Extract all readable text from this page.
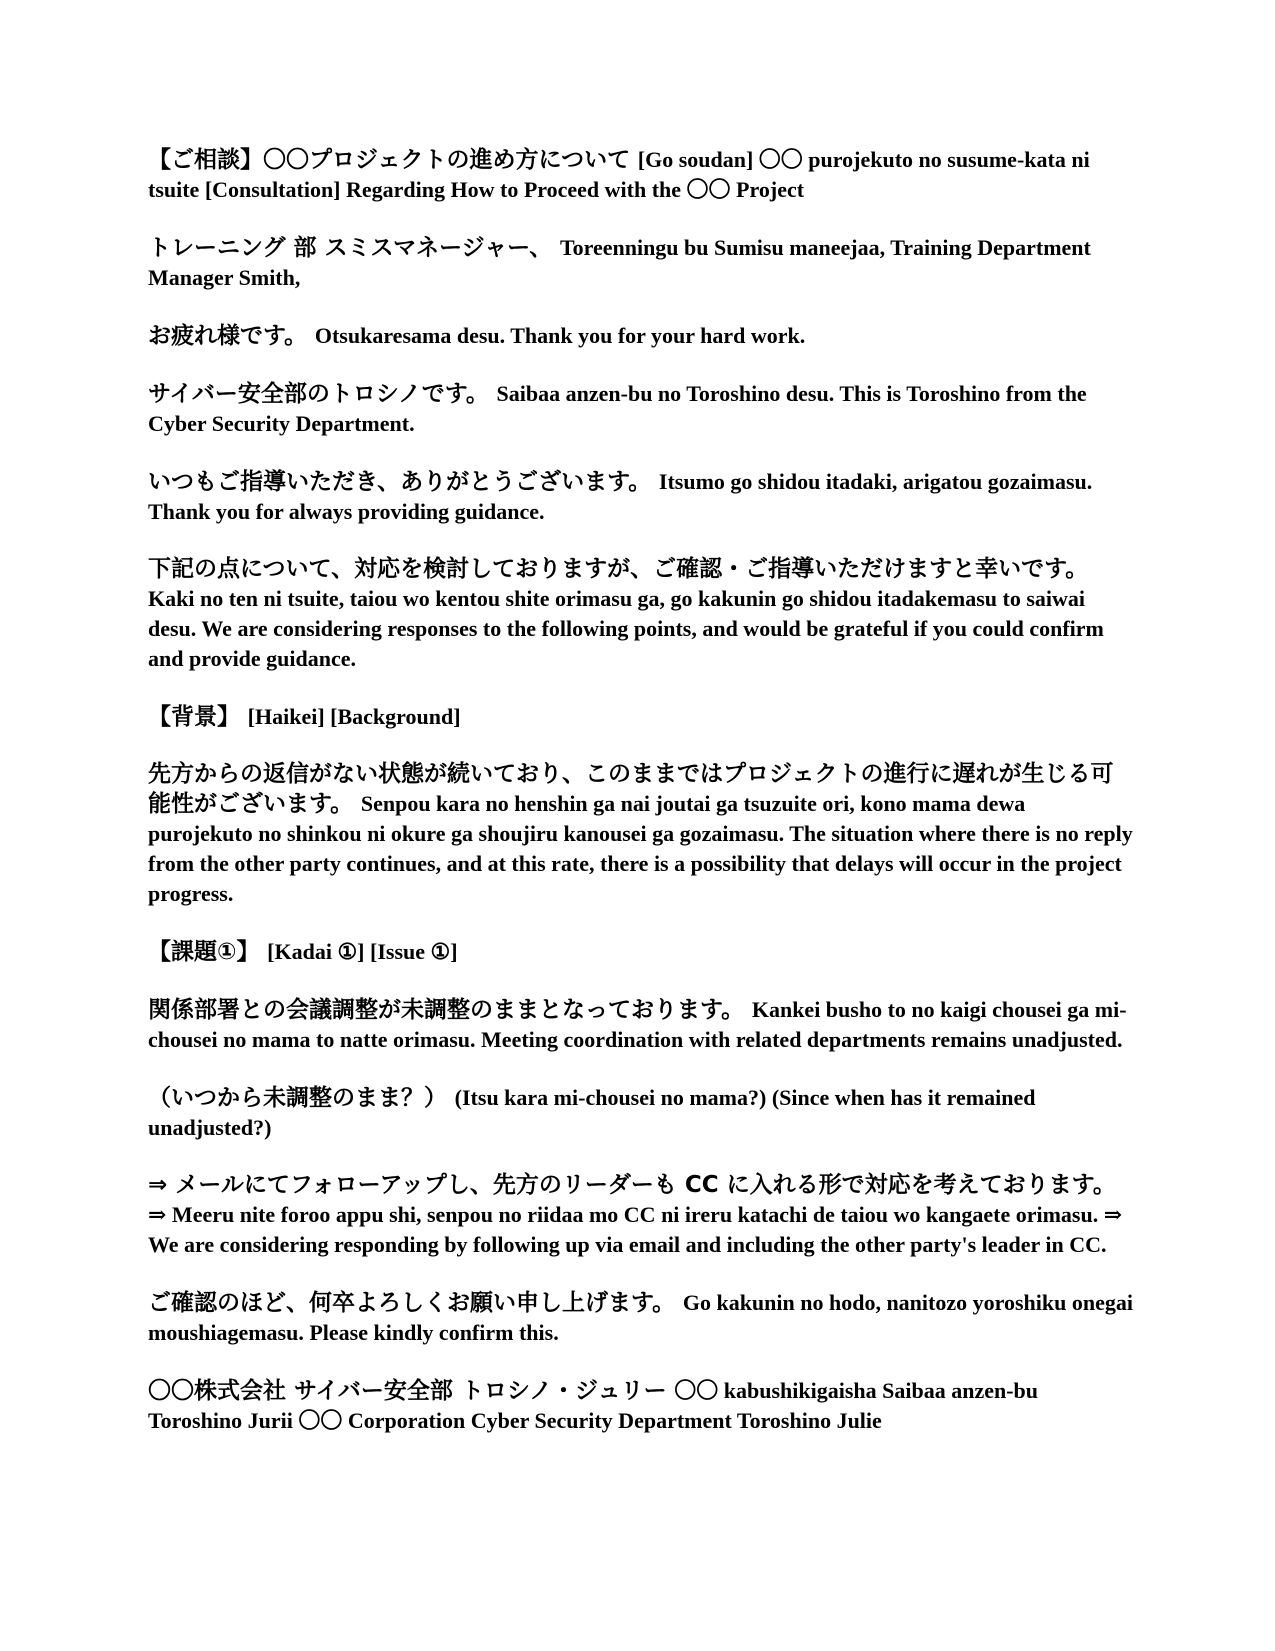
【ご相談】〇〇プロジェクトの進め方について [Go soudan] 〇〇 purojekuto no susume-kata ni tsuite [Consultation] Regarding How to Proceed with the 〇〇 Project

トレーニング 部 スミスマネージャー、 Toreenningu bu Sumisu maneejaa, Training Department Manager Smith,

お疲れ様です。 Otsukaresama desu. Thank you for your hard work.

サイバー安全部のトロシノです。 Saibaa anzen-bu no Toroshino desu. This is Toroshino from the Cyber Security Department.

いつもご指導いただき、ありがとうございます。 Itsumo go shidou itadaki, arigatou gozaimasu. Thank you for always providing guidance.

下記の点について、対応を検討しておりますが、ご確認・ご指導いただけますと幸いです。 Kaki no ten ni tsuite, taiou wo kentou shite orimasu ga, go kakunin go shidou itadakemasu to saiwai desu. We are considering responses to the following points, and would be grateful if you could confirm and provide guidance.

【背景】 [Haikei] [Background]

先方からの返信がない状態が続いており、このままではプロジェクトの進行に遅れが生じる可能性がございます。 Senpou kara no henshin ga nai joutai ga tsuzuite ori, kono mama dewa purojekuto no shinkou ni okure ga shoujiru kanousei ga gozaimasu. The situation where there is no reply from the other party continues, and at this rate, there is a possibility that delays will occur in the project progress.

【課題①】 [Kadai ①] [Issue ①]

関係部署との会議調整が未調整のままとなっております。 Kankei busho to no kaigi chousei ga mi-chousei no mama to natte orimasu. Meeting coordination with related departments remains unadjusted.

（いつから未調整のまま？） (Itsu kara mi-chousei no mama?) (Since when has it remained unadjusted?)

⇒ メールにてフォローアップし、先方のリーダーも CC に入れる形で対応を考えております。 ⇒ Meeru nite foroo appu shi, senpou no riidaa mo CC ni ireru katachi de taiou wo kangaete orimasu. ⇒ We are considering responding by following up via email and including the other party's leader in CC.

ご確認のほど、何卒よろしくお願い申し上げます。 Go kakunin no hodo, nanitozo yoroshiku onegai moushiagemasu. Please kindly confirm this.

〇〇株式会社 サイバー安全部 トロシノ・ジュリー 〇〇 kabushikigaisha Saibaa anzen-bu Toroshino Jurii 〇〇 Corporation Cyber Security Department Toroshino Julie
